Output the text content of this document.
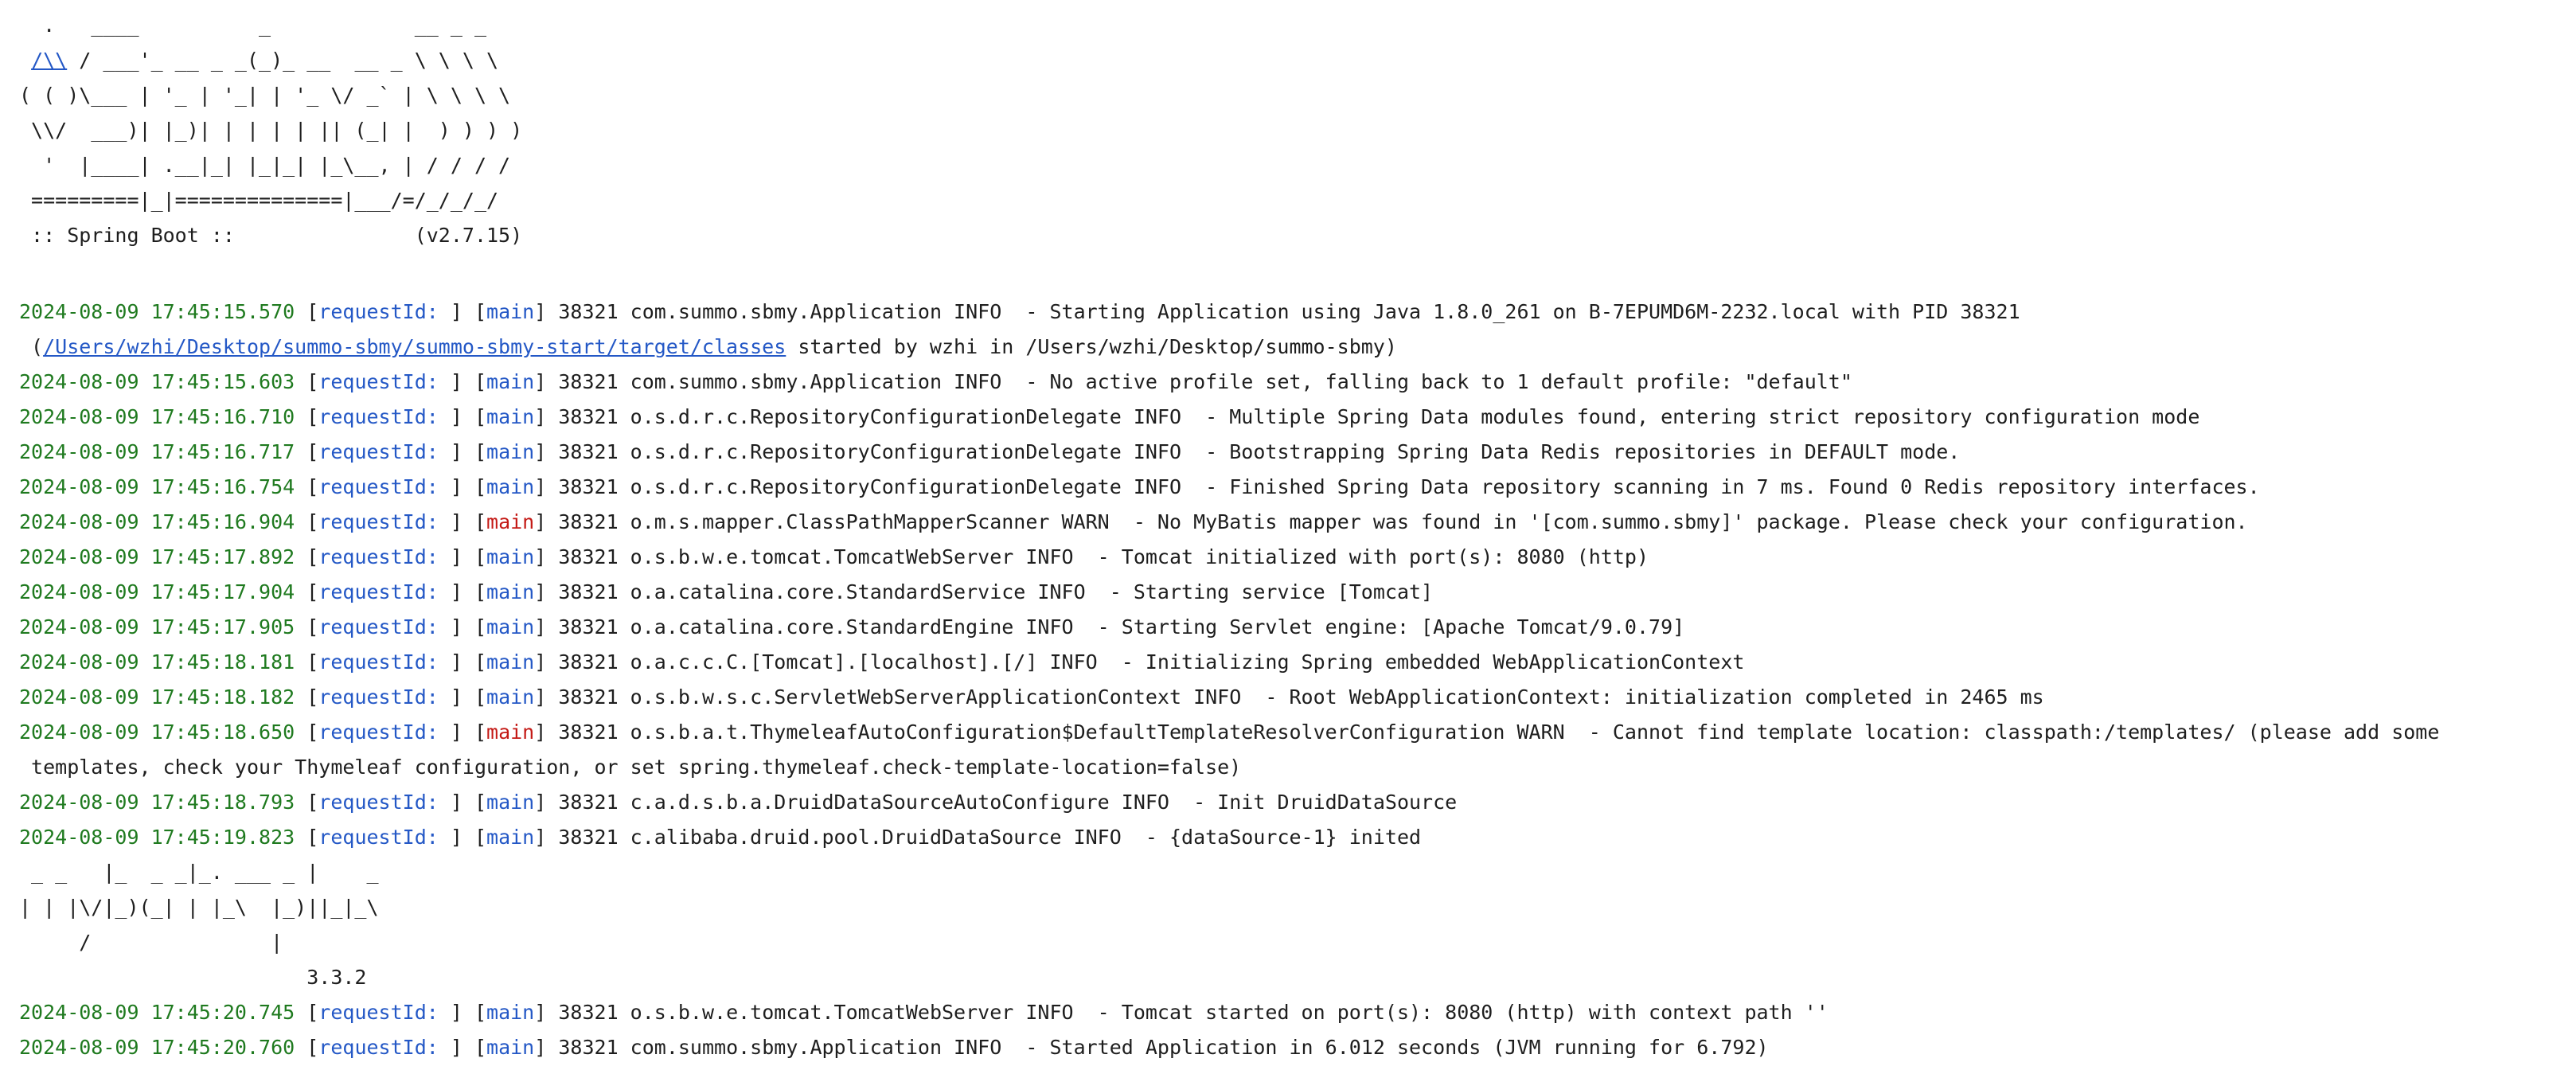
.   ____          _            __ _ _
/\\ / ___'_ __ _ _(_)_ __  __ _ \ \ \ \
( ( )\___ | '_ | '_| | '_ \/ _` | \ \ \ \
\\/  ___)| |_)| | | | | || (_| |  ) ) ) )
'  |____| .__|_| |_|_| |_\__, | / / / /
=========|_|==============|___/=/_/_/_/
:: Spring Boot ::               (v2.7.15)
2024-08-09 17:45:15.570 [requestId: ] [main] 38321 com.summo.sbmy.Application INFO  - Starting Application using Java 1.8.0_261 on B-7EPUMD6M-2232.local with PID 38321
(/Users/wzhi/Desktop/summo-sbmy/summo-sbmy-start/target/classes started by wzhi in /Users/wzhi/Desktop/summo-sbmy)
2024-08-09 17:45:15.603 [requestId: ] [main] 38321 com.summo.sbmy.Application INFO  - No active profile set, falling back to 1 default profile: "default"
2024-08-09 17:45:16.710 [requestId: ] [main] 38321 o.s.d.r.c.RepositoryConfigurationDelegate INFO  - Multiple Spring Data modules found, entering strict repository configuration mode
2024-08-09 17:45:16.717 [requestId: ] [main] 38321 o.s.d.r.c.RepositoryConfigurationDelegate INFO  - Bootstrapping Spring Data Redis repositories in DEFAULT mode.
2024-08-09 17:45:16.754 [requestId: ] [main] 38321 o.s.d.r.c.RepositoryConfigurationDelegate INFO  - Finished Spring Data repository scanning in 7 ms. Found 0 Redis repository interfaces.
2024-08-09 17:45:16.904 [requestId: ] [main] 38321 o.m.s.mapper.ClassPathMapperScanner WARN  - No MyBatis mapper was found in '[com.summo.sbmy]' package. Please check your configuration.
2024-08-09 17:45:17.892 [requestId: ] [main] 38321 o.s.b.w.e.tomcat.TomcatWebServer INFO  - Tomcat initialized with port(s): 8080 (http)
2024-08-09 17:45:17.904 [requestId: ] [main] 38321 o.a.catalina.core.StandardService INFO  - Starting service [Tomcat]
2024-08-09 17:45:17.905 [requestId: ] [main] 38321 o.a.catalina.core.StandardEngine INFO  - Starting Servlet engine: [Apache Tomcat/9.0.79]
2024-08-09 17:45:18.181 [requestId: ] [main] 38321 o.a.c.c.C.[Tomcat].[localhost].[/] INFO  - Initializing Spring embedded WebApplicationContext
2024-08-09 17:45:18.182 [requestId: ] [main] 38321 o.s.b.w.s.c.ServletWebServerApplicationContext INFO  - Root WebApplicationContext: initialization completed in 2465 ms
2024-08-09 17:45:18.650 [requestId: ] [main] 38321 o.s.b.a.t.ThymeleafAutoConfiguration$DefaultTemplateResolverConfiguration WARN  - Cannot find template location: classpath:/templates/ (please add some
templates, check your Thymeleaf configuration, or set spring.thymeleaf.check-template-location=false)
2024-08-09 17:45:18.793 [requestId: ] [main] 38321 c.a.d.s.b.a.DruidDataSourceAutoConfigure INFO  - Init DruidDataSource
2024-08-09 17:45:19.823 [requestId: ] [main] 38321 c.alibaba.druid.pool.DruidDataSource INFO  - {dataSource-1} inited
_ _   |_  _ _|_. ___ _ |    _
| | |\/|_)(_| | |_\  |_)||_|_\
/               |
3.3.2
2024-08-09 17:45:20.745 [requestId: ] [main] 38321 o.s.b.w.e.tomcat.TomcatWebServer INFO  - Tomcat started on port(s): 8080 (http) with context path ''
2024-08-09 17:45:20.760 [requestId: ] [main] 38321 com.summo.sbmy.Application INFO  - Started Application in 6.012 seconds (JVM running for 6.792)
